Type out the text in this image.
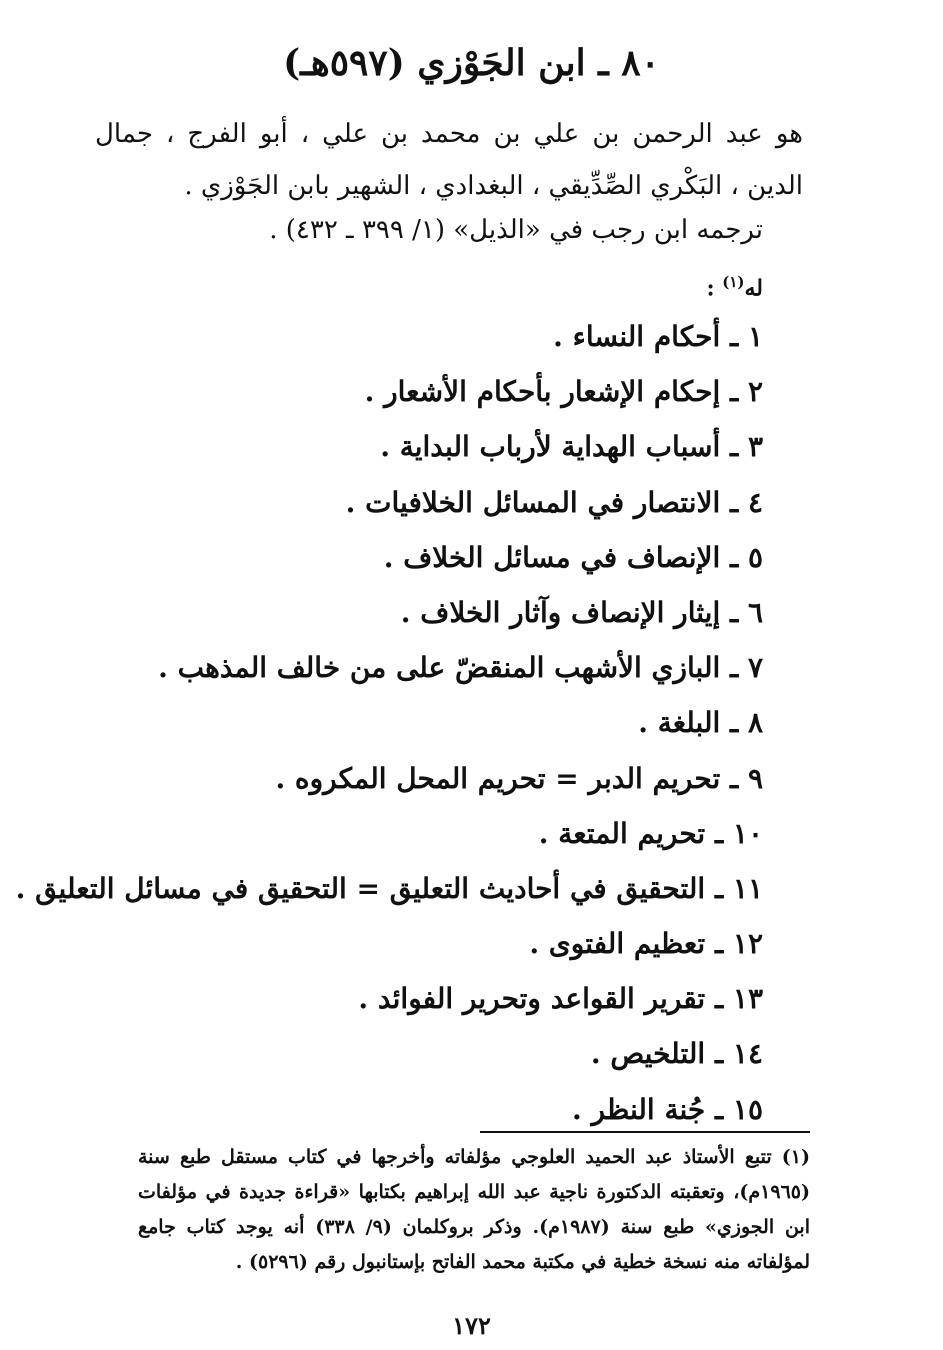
٨٠ ـ ابن الجَوْزي (٥٩٧هـ)
هو عبد الرحمن بن علي بن محمد بن علي ، أبو الفرج ، جمال الدين ، البَكْري الصِّدِّيقي ، البغدادي ، الشهير بابن الجَوْزي .
ترجمه ابن رجب في «الذيل» (١/ ٣٩٩ ـ ٤٣٢) .
له$^{(١)}$ :
١ ـ أحكام النساء .
٢ ـ إحكام الإشعار بأحكام الأشعار .
٣ ـ أسباب الهداية لأرباب البداية .
٤ ـ الانتصار في المسائل الخلافيات .
٥ ـ الإنصاف في مسائل الخلاف .
٦ ـ إيثار الإنصاف وآثار الخلاف .
٧ ـ البازي الأشهب المنقضّ على من خالف المذهب .
٨ ـ البلغة .
٩ ـ تحريم الدبر = تحريم المحل المكروه .
١٠ ـ تحريم المتعة .
١١ ـ التحقيق في أحاديث التعليق = التحقيق في مسائل التعليق .
١٢ ـ تعظيم الفتوى .
١٣ ـ تقرير القواعد وتحرير الفوائد .
١٤ ـ التلخيص .
١٥ ـ جُنة النظر .
(١) تتبع الأستاذ عبد الحميد العلوجي مؤلفاته وأخرجها في كتاب مستقل طبع سنة (١٩٦٥م)، وتعقبته الدكتورة ناجية عبد الله إبراهيم بكتابها «قراءة جديدة في مؤلفات ابن الجوزي» طبع سنة (١٩٨٧م). وذكر بروكلمان (٩/ ٣٣٨) أنه يوجد كتاب جامع لمؤلفاته منه نسخة خطية في مكتبة محمد الفاتح بإستانبول رقم (٥٢٩٦) .
١٧٢
